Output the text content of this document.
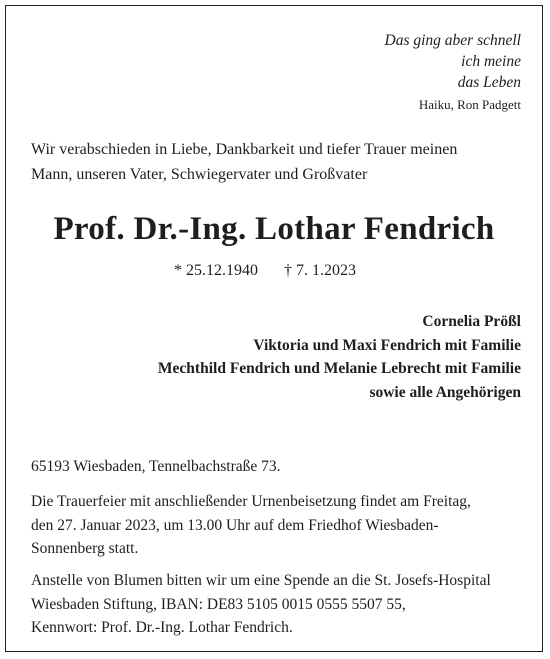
Das ging aber schnell
ich meine
das Leben
Haiku, Ron Padgett
Wir verabschieden in Liebe, Dankbarkeit und tiefer Trauer meinen
Mann, unseren Vater, Schwiegervater und Großvater
Prof. Dr.-Ing. Lothar Fendrich
* 25.12.1940 † 7. 1.2023
Cornelia Prößl
Viktoria und Maxi Fendrich mit Familie
Mechthild Fendrich und Melanie Lebrecht mit Familie
sowie alle Angehörigen
65193 Wiesbaden, Tennelbachstraße 73.
Die Trauerfeier mit anschließender Urnenbeisetzung findet am Freitag,
den 27. Januar 2023, um 13.00 Uhr auf dem Friedhof Wiesbaden-
Sonnenberg statt.
Anstelle von Blumen bitten wir um eine Spende an die St. Josefs-Hospital
Wiesbaden Stiftung, IBAN: DE83 5105 0015 0555 5507 55,
Kennwort: Prof. Dr.-Ing. Lothar Fendrich.
